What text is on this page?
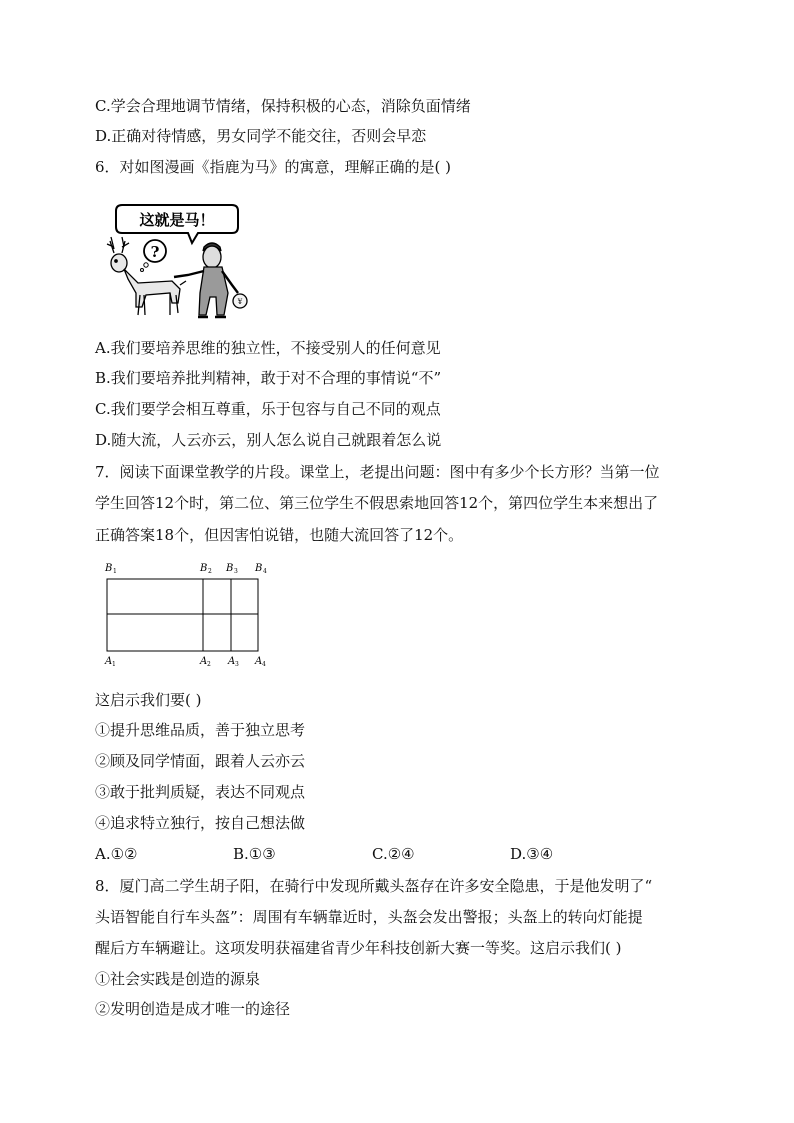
C.学会合理地调节情绪，保持积极的心态，消除负面情绪
D.正确对待情感，男女同学不能交往，否则会早恋
6．对如图漫画《指鹿为马》的寓意，理解正确的是( )
这就是马！
?
¥
A.我们要培养思维的独立性，不接受别人的任何意见
B.我们要培养批判精神，敢于对不合理的事情说“不”
C.我们要学会相互尊重，乐于包容与自己不同的观点
D.随大流，人云亦云，别人怎么说自己就跟着怎么说
7．阅读下面课堂教学的片段。课堂上，老提出问题：图中有多少个长方形？当第一位
学生回答12个时，第二位、第三位学生不假思索地回答12个，第四位学生本来想出了
正确答案18个，但因害怕说错，也随大流回答了12个。
B 1	B 2 B 3 B 4
A 1	A 2 A 3 A 4
这启示我们要( )
①提升思维品质，善于独立思考
②顾及同学情面，跟着人云亦云
③敢于批判质疑，表达不同观点
④追求特立独行，按自己想法做
A.①②	B.①③	C.②④	D.③④
8．厦门高二学生胡子阳，在骑行中发现所戴头盔存在许多安全隐患，于是他发明了“
头语智能自行车头盔”：周围有车辆靠近时，头盔会发出警报；头盔上的转向灯能提
醒后方车辆避让。这项发明获福建省青少年科技创新大赛一等奖。这启示我们( )
①社会实践是创造的源泉
②发明创造是成才唯一的途径
